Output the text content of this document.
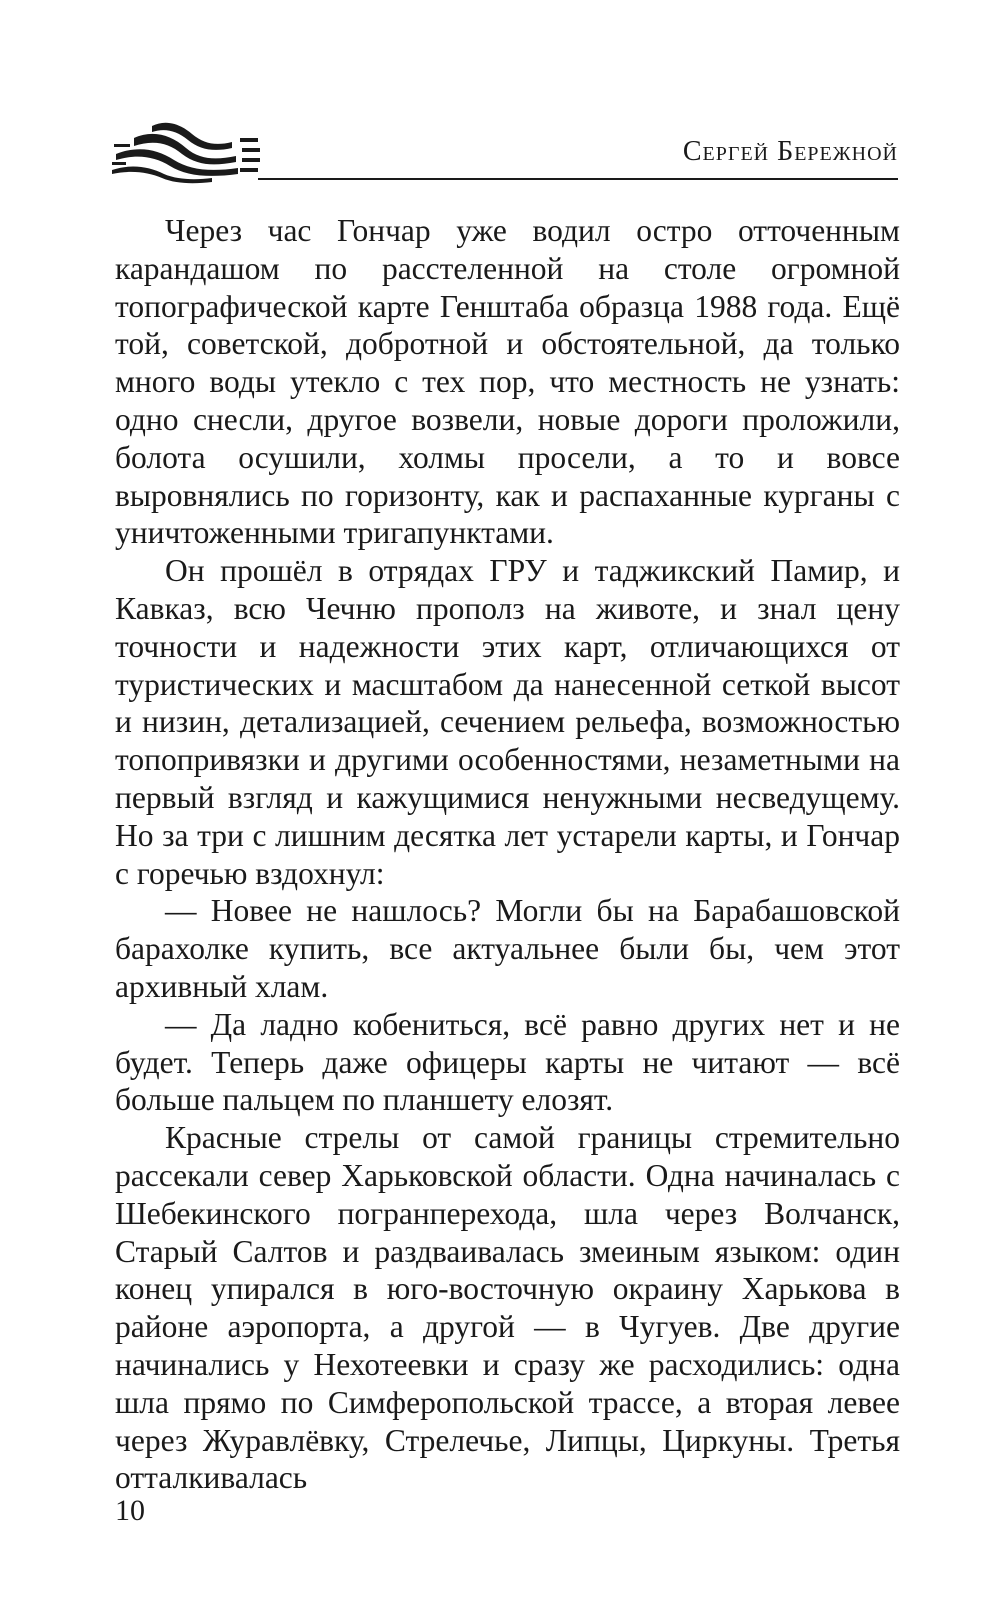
Сергей Бережной

Через час Гончар уже водил остро отточенным карандашом по расстеленной на столе огромной топографической карте Генштаба образца 1988 года. Ещё той, советской, добротной и обстоятельной, да только много воды утекло с тех пор, что местность не узнать: одно снесли, другое возвели, новые дороги проложили, болота осушили, холмы просели, а то и вовсе выровнялись по горизонту, как и распаханные курганы с уничтоженными тригапунктами.

Он прошёл в отрядах ГРУ и таджикский Памир, и Кавказ, всю Чечню прополз на животе, и знал цену точности и надежности этих карт, отличающихся от туристических и масштабом да нанесенной сеткой высот и низин, детализацией, сечением рельефа, возможностью топопривязки и другими особенностями, незаметными на первый взгляд и кажущимися ненужными несведущему. Но за три с лишним десятка лет устарели карты, и Гончар с горечью вздохнул:

— Новее не нашлось? Могли бы на Барабашовской барахолке купить, все актуальнее были бы, чем этот архивный хлам.

— Да ладно кобениться, всё равно других нет и не будет. Теперь даже офицеры карты не читают — всё больше пальцем по планшету елозят.

Красные стрелы от самой границы стремительно рассекали север Харьковской области. Одна начиналась с Шебекинского погранперехода, шла через Волчанск, Старый Салтов и раздваивалась змеиным языком: один конец упирался в юго-восточную окраину Харькова в районе аэропорта, а другой — в Чугуев. Две другие начинались у Нехотеевки и сразу же расходились: одна шла прямо по Симферопольской трассе, а вторая левее через Журавлёвку, Стрелечье, Липцы, Циркуны. Третья отталкивалась

10
